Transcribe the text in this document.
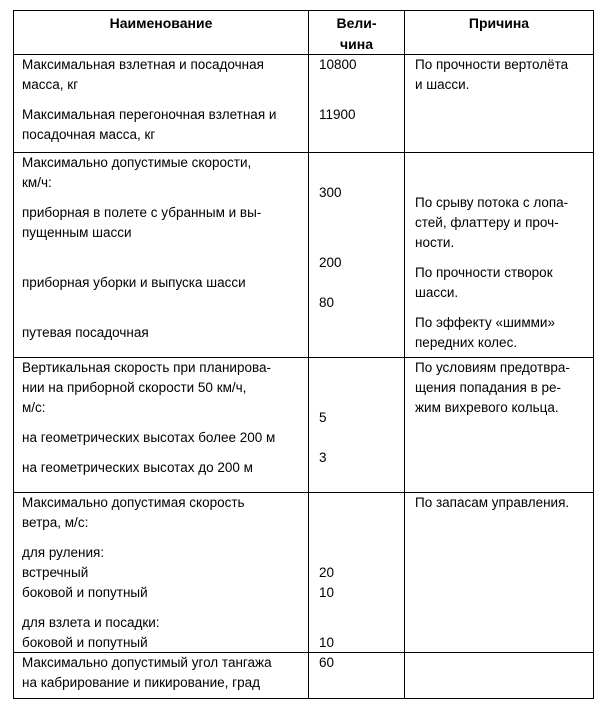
Наименование	Вели-
чина
Причина
Максимальная взлетная и посадочная
масса, кг
Максимальная перегоночная взлетная и
посадочная масса, кг
10800
11900
По прочности вертолёта
и шасси.
Максимально допустимые скорости,
км/ч:
приборная в полете с убранным и вы-
пущенным шасси
приборная уборки и выпуска шасси
путевая посадочная
300
200
80
По срыву потока с лопа-
стей, флаттеру и проч-
ности.
По прочности створок
шасси.
По эффекту «шимми»
передних колес.
Вертикальная скорость при планирова-
нии на приборной скорости 50 км/ч,
м/с:
на геометрических высотах более 200 м
на геометрических высотах до 200 м
5
3
По условиям предотвра-
щения попадания в ре-
жим вихревого кольца.
Максимально допустимая скорость
ветра, м/с:
для руления:
встречный
боковой и попутный
для взлета и посадки:
боковой и попутный
20
10
10
По запасам управления.
Максимально допустимый угол тангажа
на кабрирование и пикирование, град
60
